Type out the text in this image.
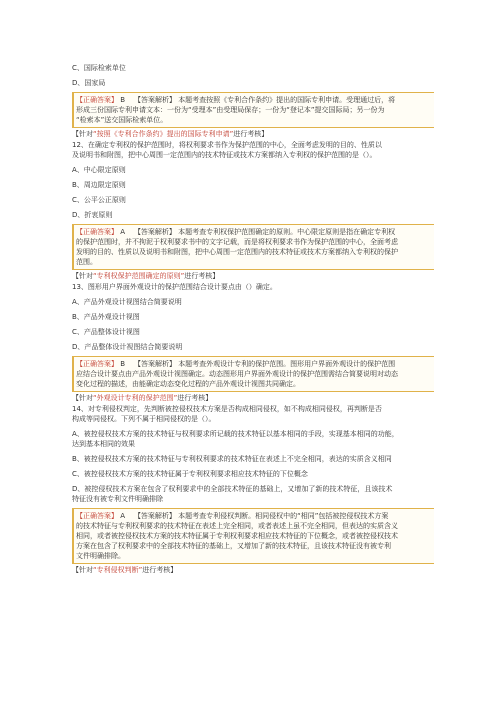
C、国际检索单位
D、国家局
【正确答案】 B 【答案解析】 本题考查按照《专利合作条约》提出的国际专利申请。受理通过后，将
形成三份国际专利申请文本：一份为“受理本”由受理局保存；一份为“登记本”提交国际局；另一份为
“检索本”送交国际检索单位。
【针对“按照《专利合作条约》提出的国际专利申请”进行考核】
12、在确定专利权的保护范围时，将权利要求书作为保护范围的中心，全面考虑发明的目的、性质以
及说明书和附图，把中心周围一定范围内的技术特征或技术方案都纳入专利权的保护范围的是（）。
A、中心限定原则
B、周边限定原则
C、公平公正原则
D、折衷原则
【正确答案】 A 【答案解析】 本题考查专利权保护范围确定的原则。中心限定原则是指在确定专利权
的保护范围时，并不拘泥于权利要求书中的文字记载，而是将权利要求书作为保护范围的中心，全面考虑
发明的目的、性质以及说明书和附图，把中心周围一定范围内的技术特征或技术方案都纳入专利权的保护
范围。
【针对“专利权保护范围确定的原则”进行考核】
13、图形用户界面外观设计的保护范围结合设计要点由（）确定。
A、产品外观设计视图结合简要说明
B、产品外观设计视图
C、产品整体设计视图
D、产品整体设计视图结合简要说明
【正确答案】 B 【答案解析】 本题考查外观设计专利的保护范围。图形用户界面外观设计的保护范围
应结合设计要点由产品外观设计视图确定。动态图形用户界面外观设计的保护范围需结合简要说明对动态
变化过程的描述，由能确定动态变化过程的产品外观设计视图共同确定。
【针对“外观设计专利的保护范围”进行考核】
14、对专利侵权判定，先判断被控侵权技术方案是否构成相同侵权，如不构成相同侵权，再判断是否
构成等同侵权。下列不属于相同侵权的是（）。
A、被控侵权技术方案的技术特征与权利要求所记载的技术特征以基本相同的手段，实现基本相同的功能，
达到基本相同的效果
B、被控侵权技术方案的技术特征与专利权利要求的技术特征在表述上不完全相同，表达的实质含义相同
C、被控侵权技术方案的技术特征属于专利权利要求相应技术特征的下位概念
D、被控侵权技术方案在包含了权利要求中的全部技术特征的基础上，又增加了新的技术特征，且该技术
特征没有被专利文件明确排除
【正确答案】 A 【答案解析】 本题考查专利侵权判断。相同侵权中的“相同”包括被控侵权技术方案
的技术特征与专利权利要求的技术特征在表述上完全相同，或者表述上虽不完全相同，但表达的实质含义
相同，或者被控侵权技术方案的技术特征属于专利权利要求相应技术特征的下位概念，或者被控侵权技术
方案在包含了权利要求中的全部技术特征的基础上，又增加了新的技术特征，且该技术特征没有被专利
文件明确排除。
【针对“专利侵权判断”进行考核】
